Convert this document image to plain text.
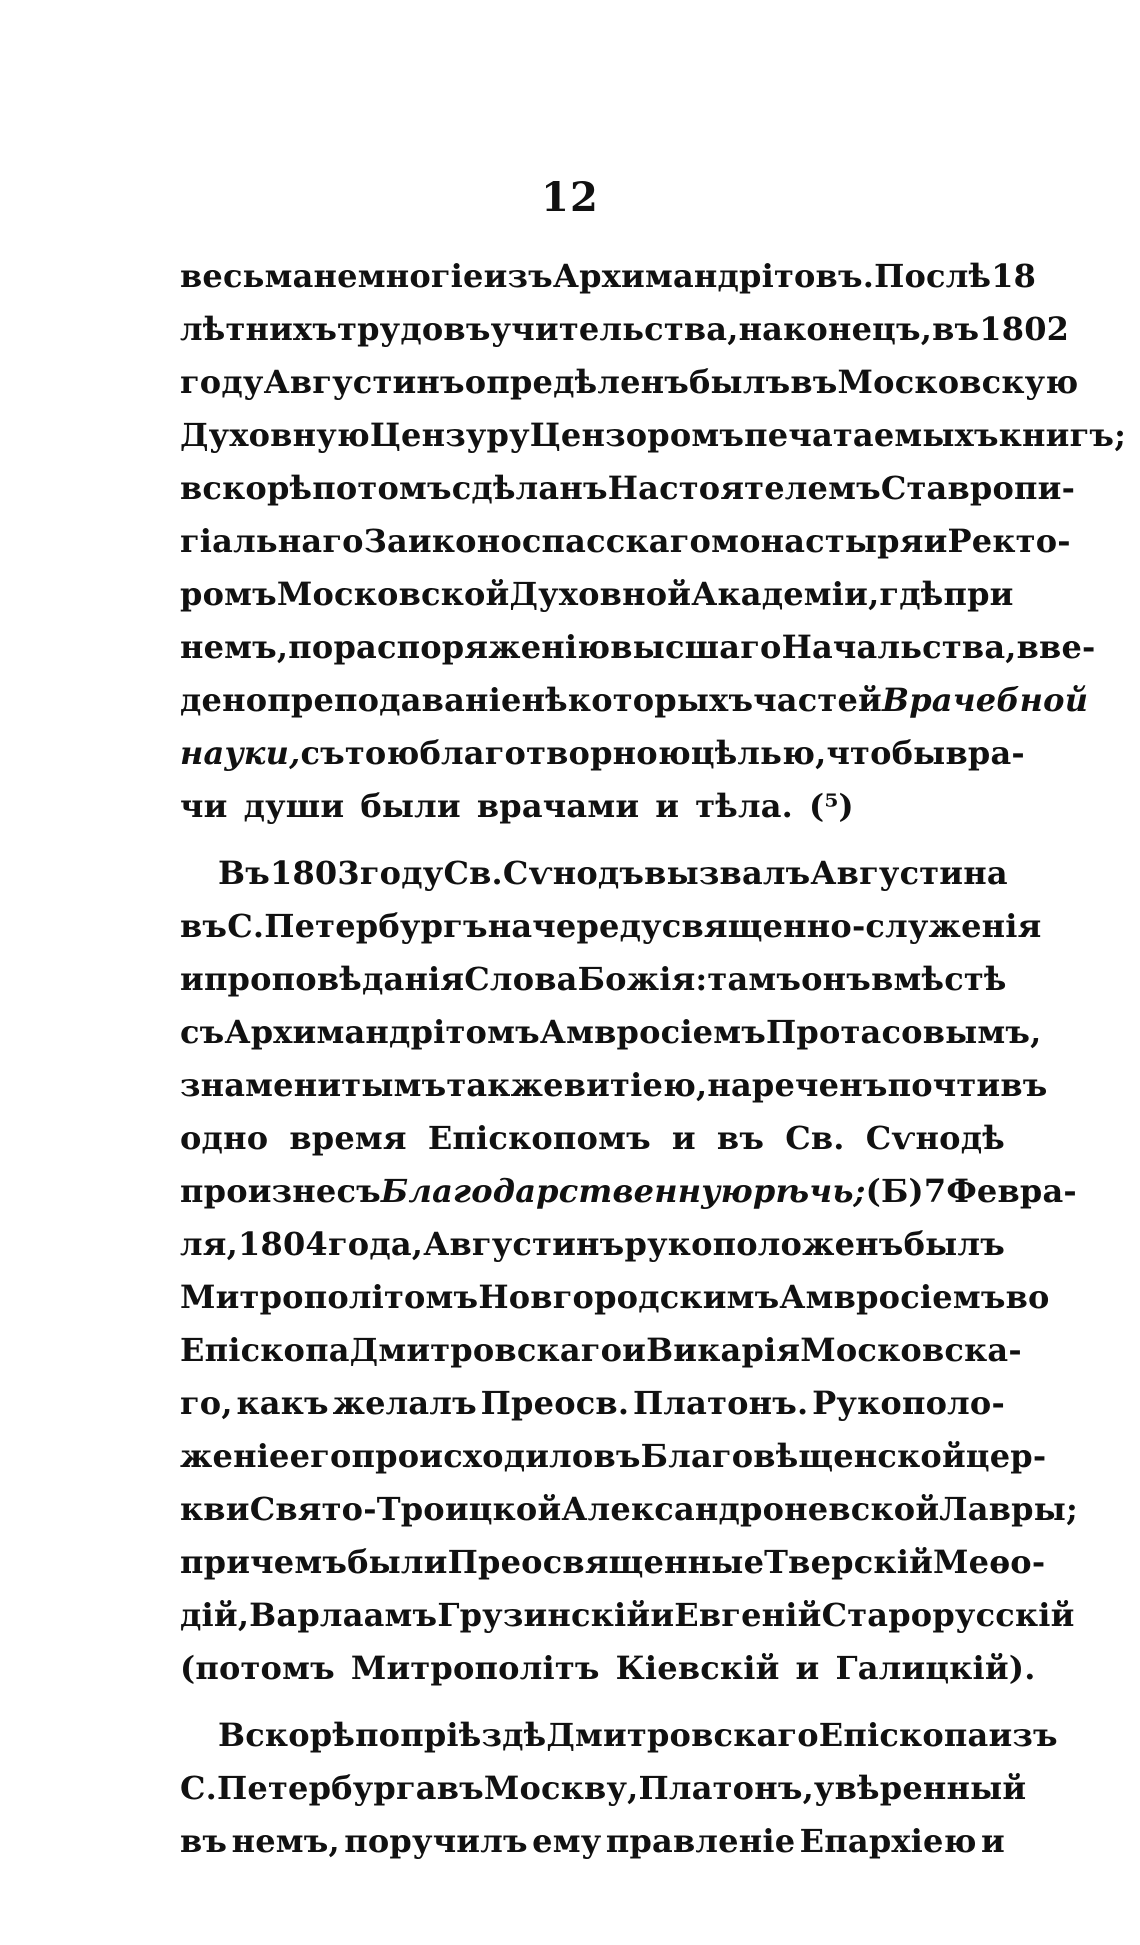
12
весьма немногіе изъ Архимандрітовъ. Послѣ 18
лѣтнихъ трудовъ учительства, наконецъ, въ 1802
году Августинъ опредѣленъ былъ въ Московскую
Духовную Цензуру Цензоромъ печатаемыхъ книгъ;
вскорѣ потомъ сдѣланъ Настоятелемъ Ставропи-
гіальнаго Заиконоспасскаго монастыря и Ректо-
ромъ Московской Духовной Академіи, гдѣ при
немъ, по распоряженію высшаго Начальства, вве-
дено преподаваніе нѣкоторыхъ частей Врачебной
науки, съ тою благотворною цѣлью, чтобы вра-
чи души были врачами и тѣла. (⁵)
Въ 1803 году Св. Сѵнодъ вызвалъ Августина
въ С. Петербургъ на череду священно - служенія
и проповѣданія Слова Божія: тамъ онъ вмѣстѣ
съ Архимандрітомъ Амвросіемъ Протасовымъ,
знаменитымъ также витіею, нареченъ почти въ
одно время Епіскопомъ и въ Св. Сѵнодѣ
произнесъ Благодарственную рѣчь; (Б) 7 Февра-
ля, 1804 года, Августинъ рукоположенъ былъ
Митрополітомъ Новгородскимъ Амвросіемъ во
Епіскопа Дмитровскаго и Викарія Московска-
го, какъ желалъ Преосв. Платонъ. Рукополо-
женіе его происходило въ Благовѣщенской цер-
кви Свято - Троицкой Александроневской Лавры;
при чемъ были Преосвященные Тверскій Меѳо-
дій, Варлаамъ Грузинскій и Евгеній Старорусскій
(потомъ Митрополітъ Кіевскій и Галицкій).
Вскорѣ по пріѣздѣ Дмитровскаго Епіскопа изъ
С. Петербурга въ Москву, Платонъ, увѣренный
въ немъ, поручилъ ему правленіе Епархіею и
